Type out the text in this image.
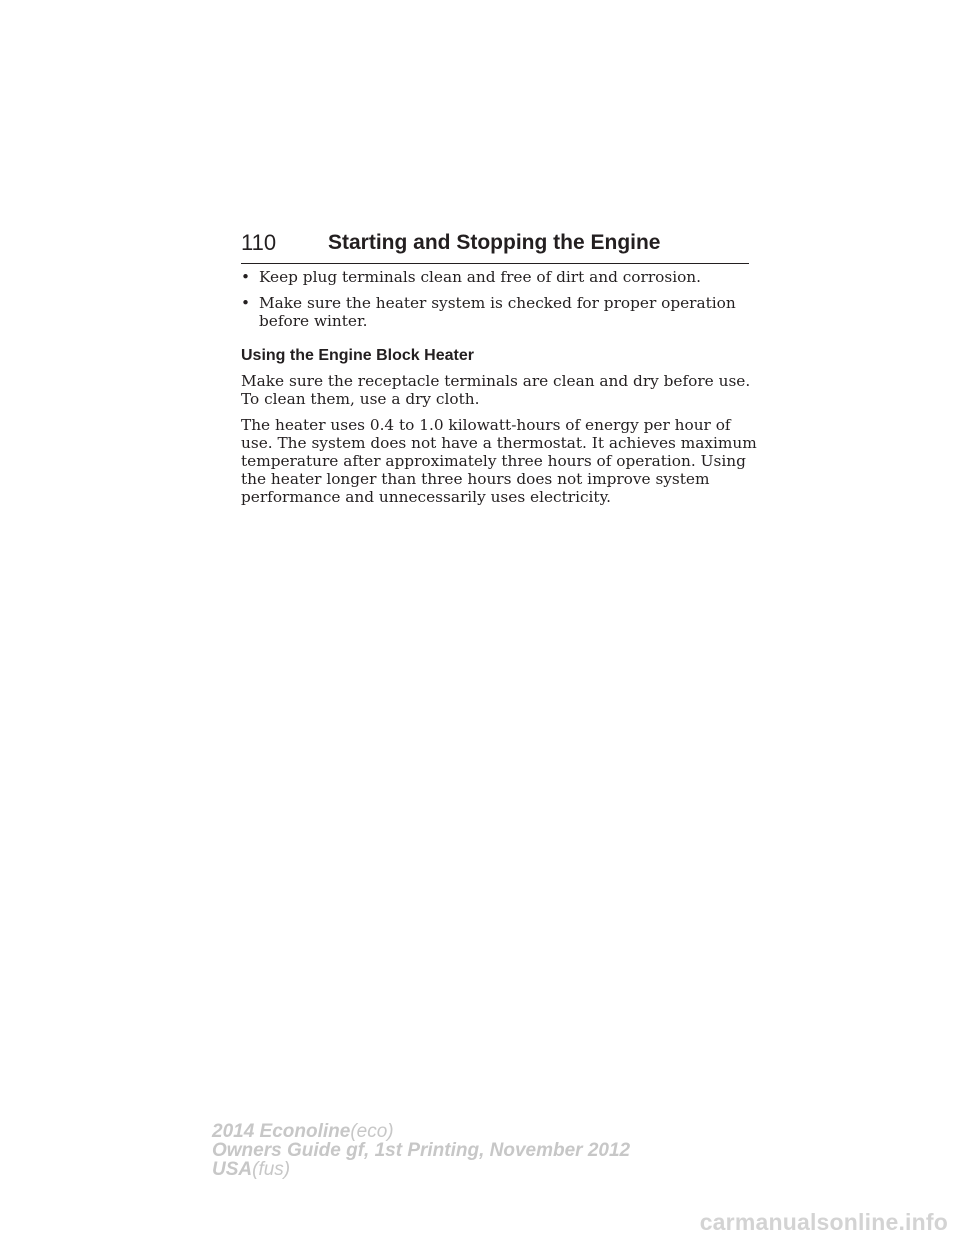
110 Starting and Stopping the Engine
• Keep plug terminals clean and free of dirt and corrosion.
• Make sure the heater system is checked for proper operation before winter.
Using the Engine Block Heater

Make sure the receptacle terminals are clean and dry before use. To clean them, use a dry cloth.

The heater uses 0.4 to 1.0 kilowatt-hours of energy per hour of use. The system does not have a thermostat. It achieves maximum temperature after approximately three hours of operation. Using the heater longer than three hours does not improve system performance and unnecessarily uses electricity.

2014 Econoline(eco)
Owners Guide gf, 1st Printing, November 2012
USA(fus)
carmanualsonline.info
